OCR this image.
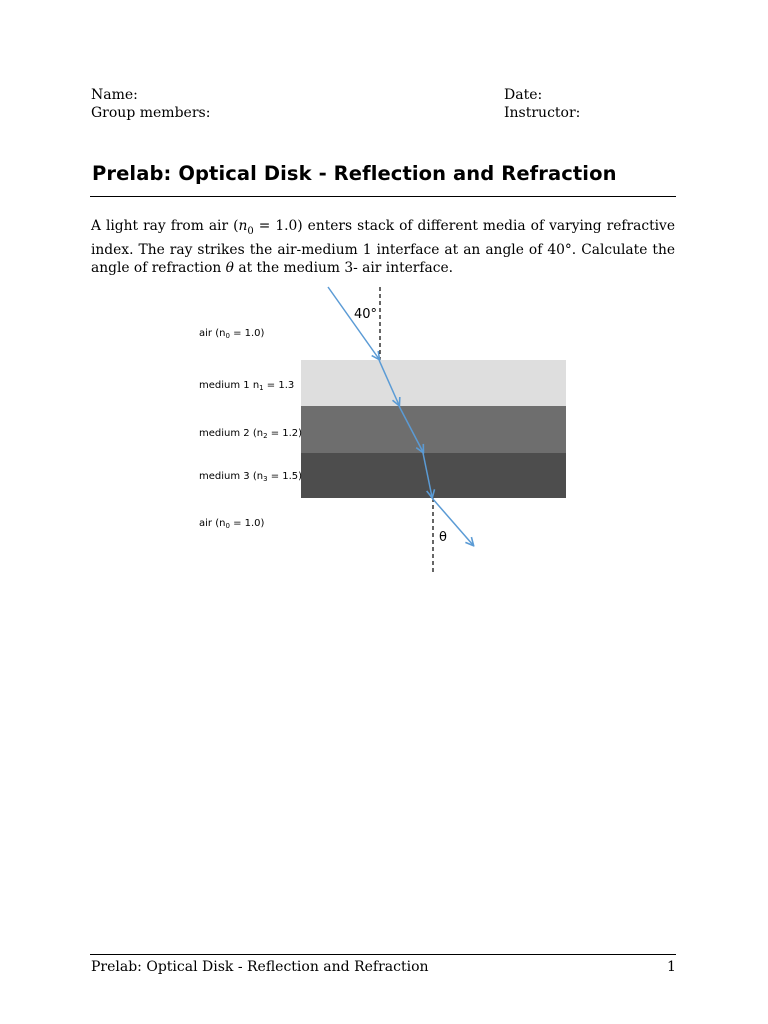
Name:
Group members:
Date:
Instructor:
Prelab: Optical Disk - Reflection and Refraction
A light ray from air $(n_0 = 1.0)$ enters stack of different media of varying refractive index. The ray strikes the air-medium 1 interface at an angle of 40°. Calculate the angle of refraction θ at the medium 3- air interface.
40°
θ
air $(n_0 = 1.0)$
medium 1 $n_1 = 1.3$
medium 2 $(n_2 = 1.2)$
medium 3 $(n_3 = 1.5)$
air $(n_0 = 1.0)$
Prelab: Optical Disk - Reflection and Refraction	1
